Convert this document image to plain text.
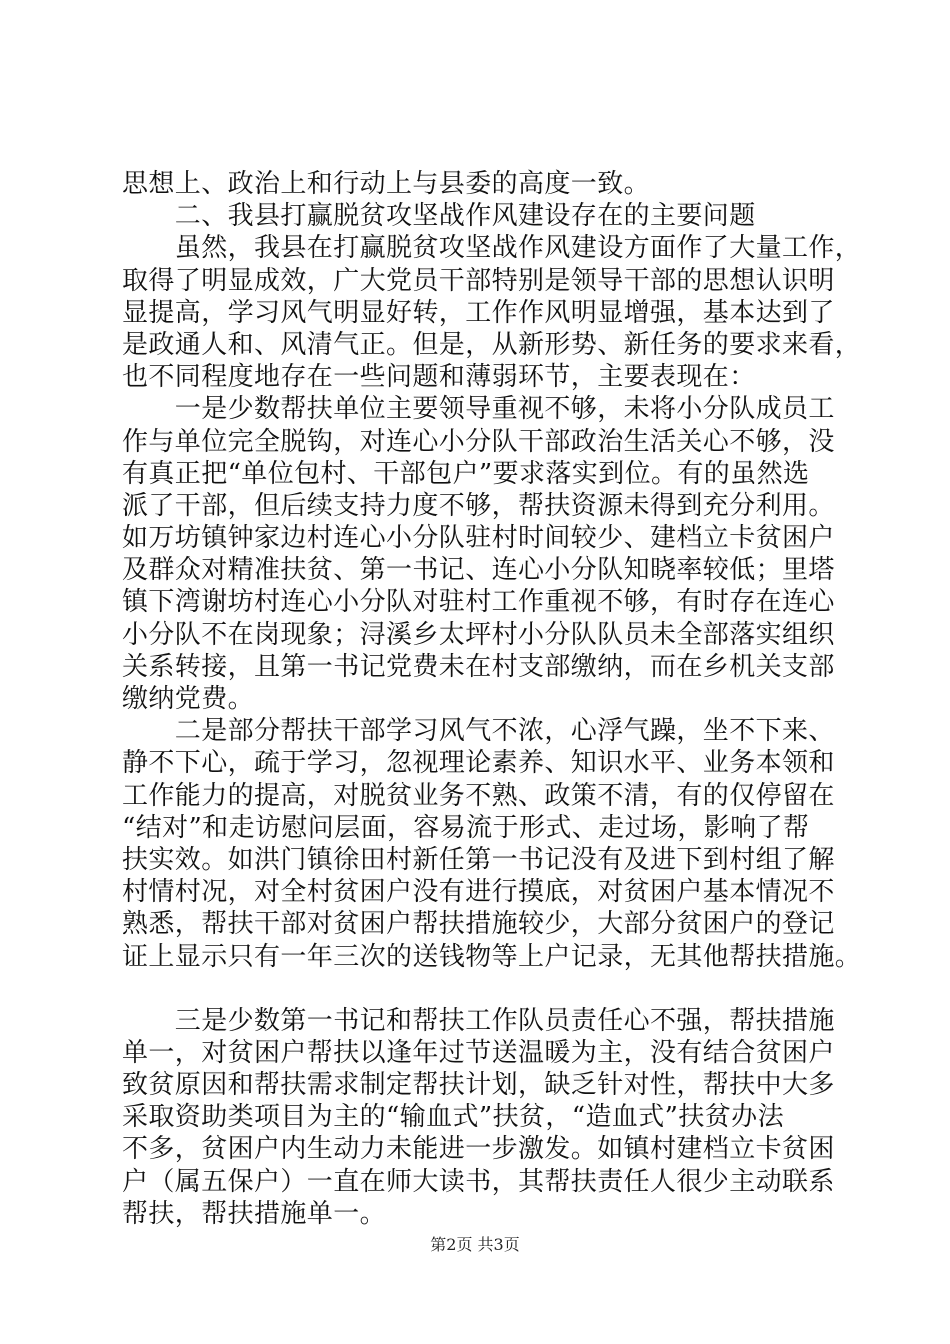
思想上、政治上和行动上与县委的高度一致。
　　二、我县打赢脱贫攻坚战作风建设存在的主要问题
　　虽然，我县在打赢脱贫攻坚战作风建设方面作了大量工作，
取得了明显成效，广大党员干部特别是领导干部的思想认识明
显提高，学习风气明显好转，工作作风明显增强，基本达到了
是政通人和、风清气正。但是，从新形势、新任务的要求来看，
也不同程度地存在一些问题和薄弱环节，主要表现在：
　　一是少数帮扶单位主要领导重视不够，未将小分队成员工
作与单位完全脱钩，对连心小分队干部政治生活关心不够，没
有真正把“单位包村、干部包户”要求落实到位。有的虽然选
派了干部，但后续支持力度不够，帮扶资源未得到充分利用。
如万坊镇钟家边村连心小分队驻村时间较少、建档立卡贫困户
及群众对精准扶贫、第一书记、连心小分队知晓率较低；里塔
镇下湾谢坊村连心小分队对驻村工作重视不够，有时存在连心
小分队不在岗现象；浔溪乡太坪村小分队队员未全部落实组织
关系转接，且第一书记党费未在村支部缴纳，而在乡机关支部
缴纳党费。
　　二是部分帮扶干部学习风气不浓，心浮气躁，坐不下来、
静不下心，疏于学习，忽视理论素养、知识水平、业务本领和
工作能力的提高，对脱贫业务不熟、政策不清，有的仅停留在
“结对”和走访慰问层面，容易流于形式、走过场，影响了帮
扶实效。如洪门镇徐田村新任第一书记没有及进下到村组了解
村情村况，对全村贫困户没有进行摸底，对贫困户基本情况不
熟悉，帮扶干部对贫困户帮扶措施较少，大部分贫困户的登记
证上显示只有一年三次的送钱物等上户记录，无其他帮扶措施。
　　三是少数第一书记和帮扶工作队员责任心不强，帮扶措施
单一，对贫困户帮扶以逢年过节送温暖为主，没有结合贫困户
致贫原因和帮扶需求制定帮扶计划，缺乏针对性，帮扶中大多
采取资助类项目为主的“输血式”扶贫，“造血式”扶贫办法
不多，贫困户内生动力未能进一步激发。如镇村建档立卡贫困
户（属五保户）一直在师大读书，其帮扶责任人很少主动联系
帮扶，帮扶措施单一。
第2页 共3页
